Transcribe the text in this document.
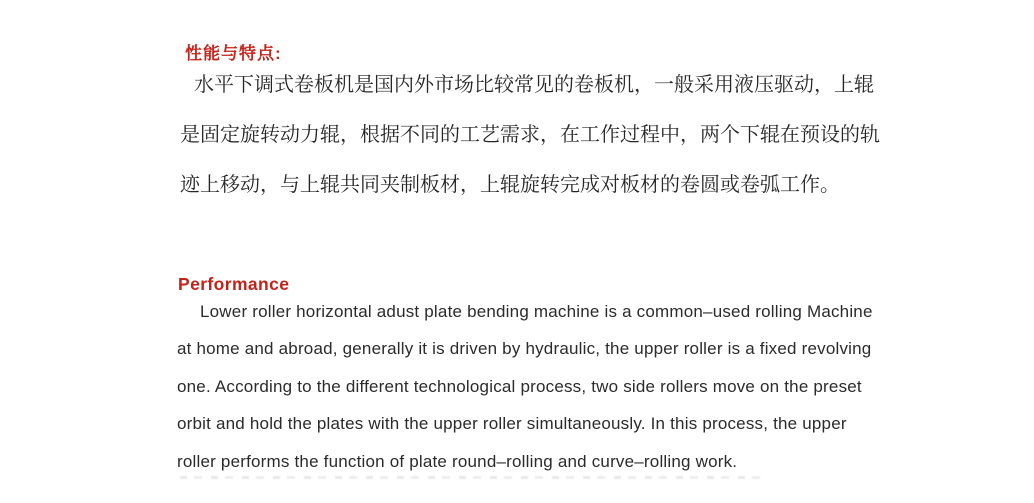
性能与特点:
水平下调式卷板机是国内外市场比较常见的卷板机，一般采用液压驱动，上辊
是固定旋转动力辊，根据不同的工艺需求，在工作过程中，两个下辊在预设的轨
迹上移动，与上辊共同夹制板材，上辊旋转完成对板材的卷圆或卷弧工作。
Performance
Lower roller horizontal adust plate bending machine is a common–used rolling Machine
at home and abroad, generally it is driven by hydraulic, the upper roller is a fixed revolving
one. According to the different technological process, two side rollers move on the preset
orbit and hold the plates with the upper roller simultaneously. In this process, the upper
roller performs the function of plate round–rolling and curve–rolling work.
